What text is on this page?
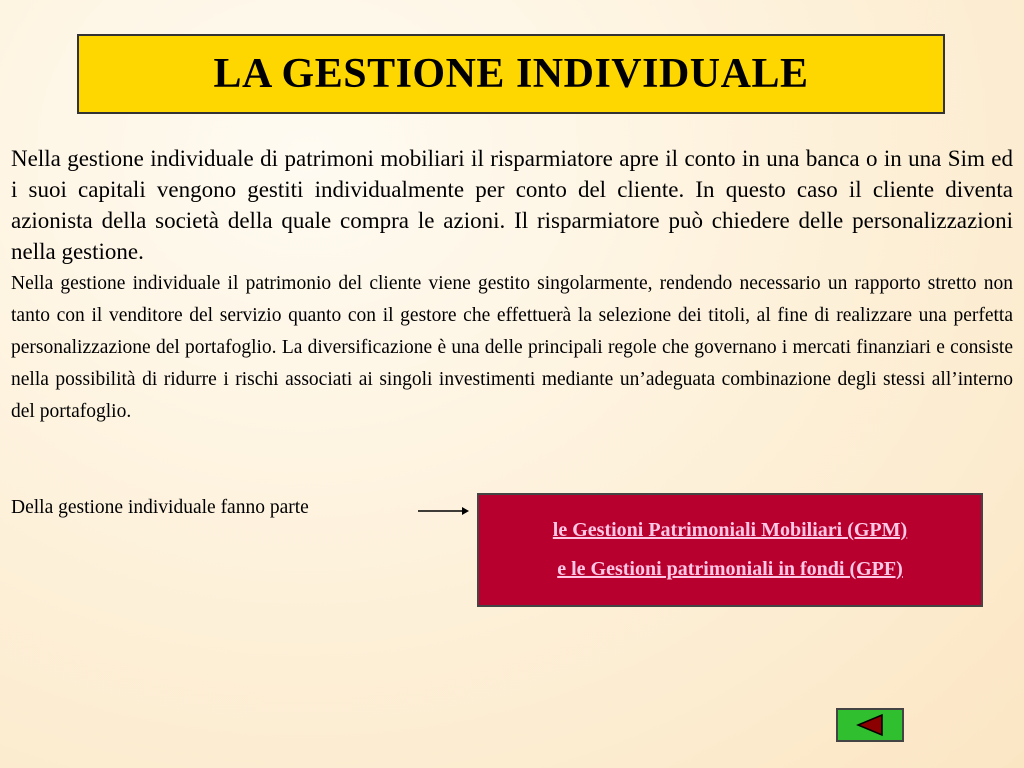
LA GESTIONE INDIVIDUALE

Nella gestione individuale di patrimoni mobiliari il risparmiatore apre il conto in una banca o in una Sim ed i suoi capitali vengono gestiti individualmente per conto del cliente. In questo caso il cliente diventa azionista della società della quale compra le azioni. Il risparmiatore può chiedere delle personalizzazioni nella gestione.

Nella gestione individuale il patrimonio del cliente viene gestito singolarmente, rendendo necessario un rapporto stretto non tanto con il venditore del servizio quanto con il gestore che effettuerà la selezione dei titoli, al fine di realizzare una perfetta personalizzazione del portafoglio. La diversificazione è una delle principali regole che governano i mercati finanziari e consiste nella possibilità di ridurre i rischi associati ai singoli investimenti mediante un’adeguata combinazione degli stessi all’interno del portafoglio.

Della gestione individuale fanno parte

le Gestioni Patrimoniali Mobiliari (GPM)
e le Gestioni patrimoniali in fondi (GPF)
